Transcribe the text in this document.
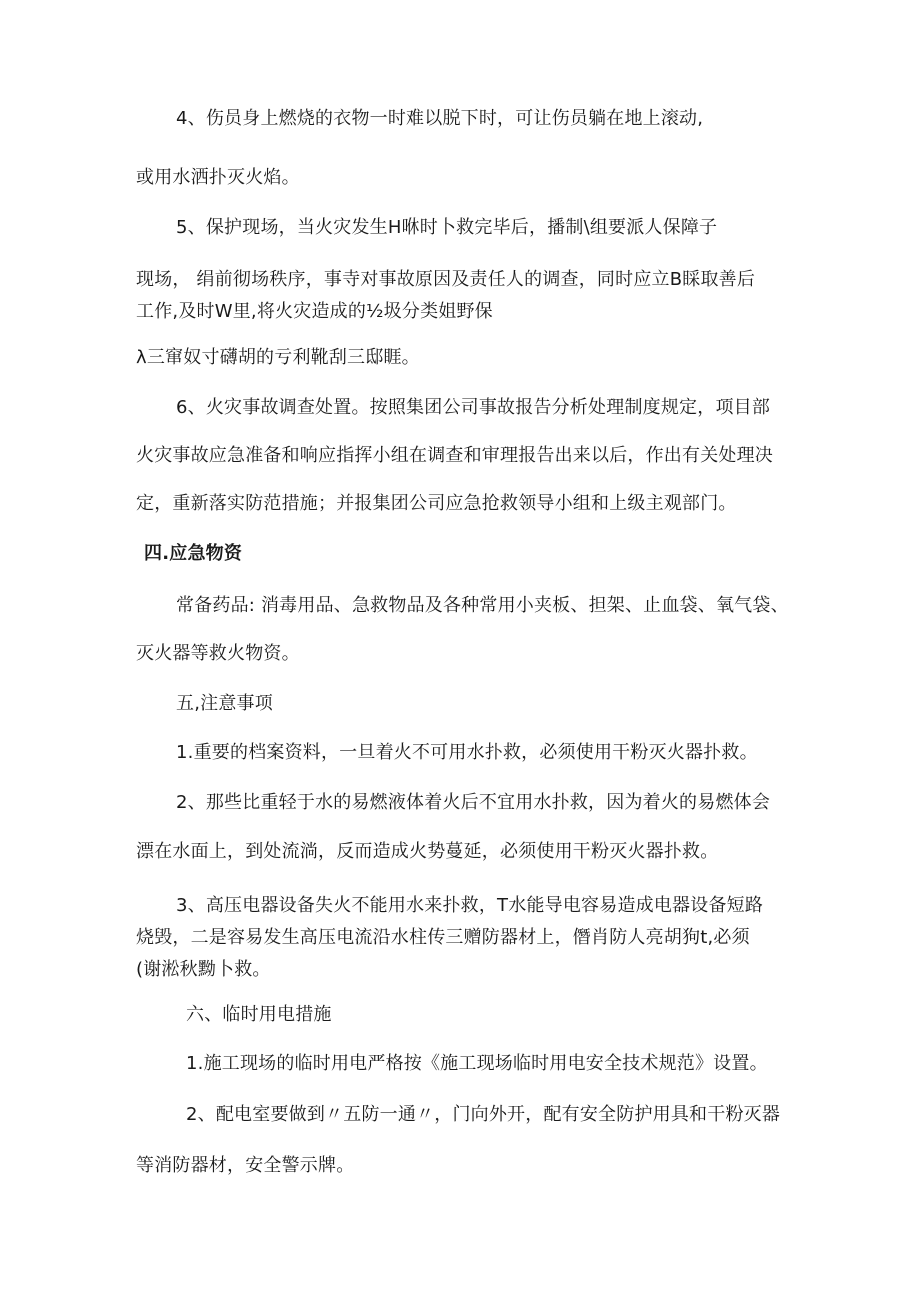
4、伤员身上燃烧的衣物一时难以脱下时，可让伤员躺在地上滚动,

或用水洒扑灭火焰。

5、保护现场，当火灾发生H咻时卜救完毕后，播制\组要派人保障子

现场， 绢前彻场秩序，事寺对事故原因及责任人的调查，同时应立B睬取善后

工作,及时W里,将火灾造成的½圾分类姐野保

λ三窜奴寸礴胡的亏利靴刮三邸睚。

6、火灾事故调查处置。按照集团公司事故报告分析处理制度规定，项目部

火灾事故应急准备和响应指挥小组在调查和审理报告出来以后，作出有关处理决

定，重新落实防范措施；并报集团公司应急抢救领导小组和上级主观部门。

四.应急物资

常备药品: 消毒用品、急救物品及各种常用小夹板、担架、止血袋、氧气袋、

灭火器等救火物资。

五,注意事项

1.重要的档案资料，一旦着火不可用水扑救，必须使用干粉灭火器扑救。

2、那些比重轻于水的易燃液体着火后不宜用水扑救，因为着火的易燃体会

漂在水面上，到处流淌，反而造成火势蔓延，必须使用干粉灭火器扑救。

3、高压电器设备失火不能用水来扑救，T水能导电容易造成电器设备短路

烧毁，二是容易发生高压电流沿水柱传三赠防器材上，僭肖防人亮胡狗t,必须

(谢淞秋黝卜救。

六、临时用电措施

1.施工现场的临时用电严格按《施工现场临时用电安全技术规范》设置。

2、配电室要做到〃五防一通〃，门向外开，配有安全防护用具和干粉灭器

等消防器材，安全警示牌。
